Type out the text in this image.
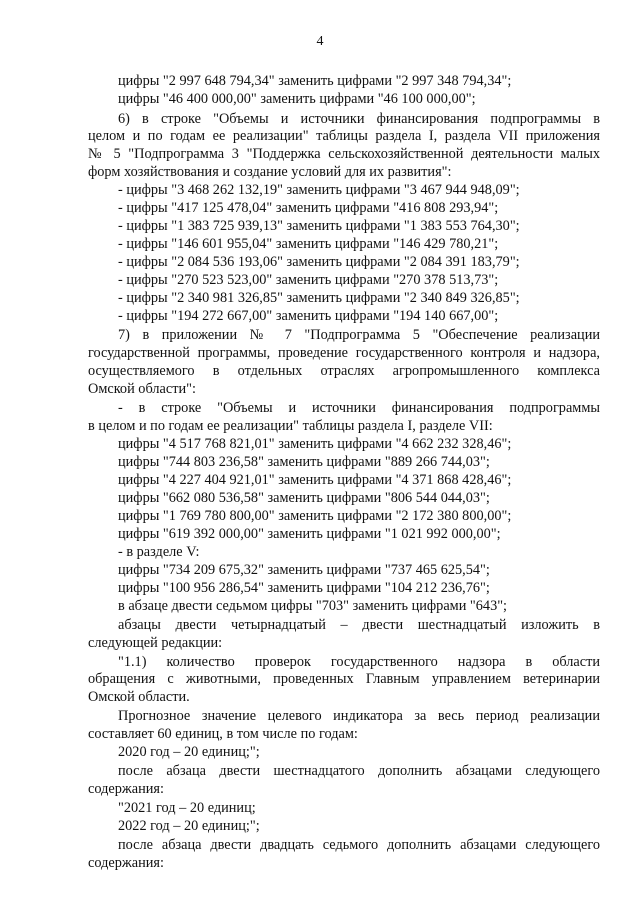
4
цифры "2 997 648 794,34" заменить цифрами "2 997 348 794,34";
цифры "46 400 000,00" заменить цифрами "46 100 000,00";
6) в строке "Объемы и источники финансирования подпрограммы в
целом и по годам ее реализации" таблицы раздела I, раздела VII приложения
№ 5 "Подпрограмма 3 "Поддержка сельскохозяйственной деятельности малых
форм хозяйствования и создание условий для их развития":
- цифры "3 468 262 132,19" заменить цифрами "3 467 944 948,09";
- цифры "417 125 478,04" заменить цифрами "416 808 293,94";
- цифры "1 383 725 939,13" заменить цифрами "1 383 553 764,30";
- цифры "146 601 955,04" заменить цифрами "146 429 780,21";
- цифры "2 084 536 193,06" заменить цифрами "2 084 391 183,79";
- цифры "270 523 523,00" заменить цифрами "270 378 513,73";
- цифры "2 340 981 326,85" заменить цифрами "2 340 849 326,85";
- цифры "194 272 667,00" заменить цифрами "194 140 667,00";
7) в приложении № 7 "Подпрограмма 5 "Обеспечение реализации
государственной программы, проведение государственного контроля и надзора,
осуществляемого в отдельных отраслях агропромышленного комплекса
Омской области":
- в строке "Объемы и источники финансирования подпрограммы
в целом и по годам ее реализации" таблицы раздела I, разделе VII:
цифры "4 517 768 821,01" заменить цифрами "4 662 232 328,46";
цифры "744 803 236,58" заменить цифрами "889 266 744,03";
цифры "4 227 404 921,01" заменить цифрами "4 371 868 428,46";
цифры "662 080 536,58" заменить цифрами "806 544 044,03";
цифры "1 769 780 800,00" заменить цифрами "2 172 380 800,00";
цифры "619 392 000,00" заменить цифрами "1 021 992 000,00";
- в разделе V:
цифры "734 209 675,32" заменить цифрами "737 465 625,54";
цифры "100 956 286,54" заменить цифрами "104 212 236,76";
в абзаце двести седьмом цифры "703" заменить цифрами "643";
абзацы двести четырнадцатый – двести шестнадцатый изложить в
следующей редакции:
"1.1) количество проверок государственного надзора в области
обращения с животными, проведенных Главным управлением ветеринарии
Омской области.
Прогнозное значение целевого индикатора за весь период реализации
составляет 60 единиц, в том числе по годам:
2020 год – 20 единиц;";
после абзаца двести шестнадцатого дополнить абзацами следующего
содержания:
"2021 год – 20 единиц;
2022 год – 20 единиц;";
после абзаца двести двадцать седьмого дополнить абзацами следующего
содержания:
